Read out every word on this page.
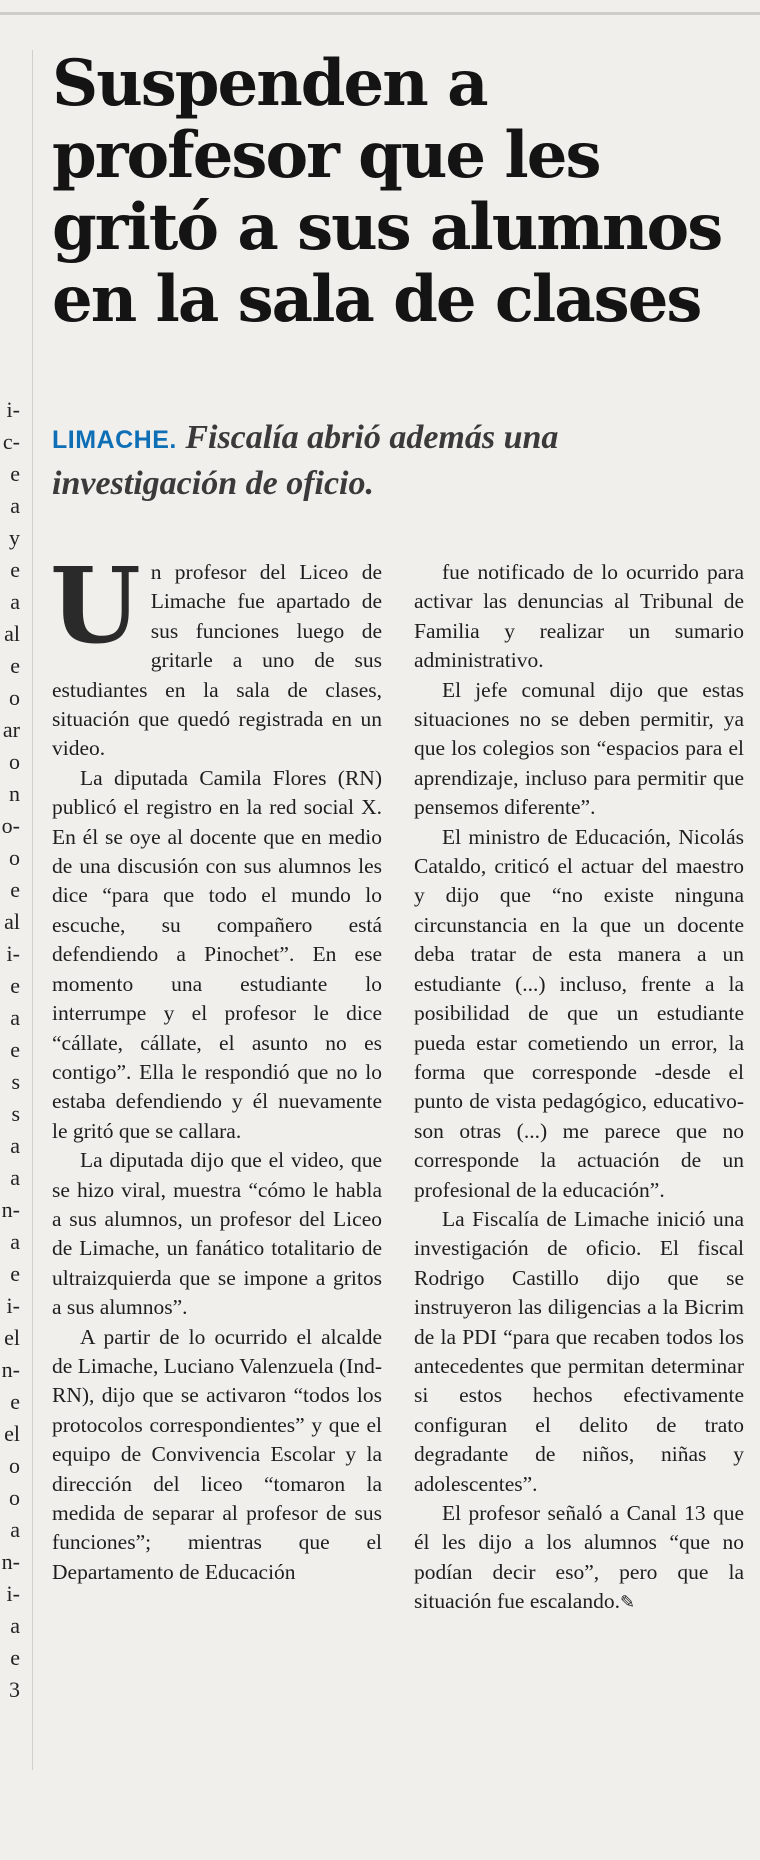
i-
c-
e
a
y
e
a
al
e
o
ar
o
n
o-
o
e
al
i-
e
a
e
s
s
a
a
n-
a
e
i-
el
n-
e
el
o
o
a
n-
i-
a
e
3
Suspenden a profesor que les gritó a sus alumnos en la sala de clases
LIMACHE. Fiscalía abrió además una investigación de oficio.

Un profesor del Liceo de Limache fue apartado de sus funciones luego de gritarle a uno de sus estudiantes en la sala de clases, situación que quedó registrada en un video.

La diputada Camila Flores (RN) publicó el registro en la red social X. En él se oye al docente que en medio de una discusión con sus alumnos les dice “para que todo el mundo lo escuche, su compañero está defendiendo a Pinochet”. En ese momento una estudiante lo interrumpe y el profesor le dice “cállate, cállate, el asunto no es contigo”. Ella le respondió que no lo estaba defendiendo y él nuevamente le gritó que se callara.

La diputada dijo que el video, que se hizo viral, muestra “cómo le habla a sus alumnos, un profesor del Liceo de Limache, un fanático totalitario de ultraizquierda que se impone a gritos a sus alumnos”.

A partir de lo ocurrido el alcalde de Limache, Luciano Valenzuela (Ind-RN), dijo que se activaron “todos los protocolos correspondientes” y que el equipo de Convivencia Escolar y la dirección del liceo “tomaron la medida de separar al profesor de sus funciones”; mientras que el Departamento de Educación

fue notificado de lo ocurrido para activar las denuncias al Tribunal de Familia y realizar un sumario administrativo.

El jefe comunal dijo que estas situaciones no se deben permitir, ya que los colegios son “espacios para el aprendizaje, incluso para permitir que pensemos diferente”.

El ministro de Educación, Nicolás Cataldo, criticó el actuar del maestro y dijo que “no existe ninguna circunstancia en la que un docente deba tratar de esta manera a un estudiante (...) incluso, frente a la posibilidad de que un estudiante pueda estar cometiendo un error, la forma que corresponde -desde el punto de vista pedagógico, educativo- son otras (...) me parece que no corresponde la actuación de un profesional de la educación”.

La Fiscalía de Limache inició una investigación de oficio. El fiscal Rodrigo Castillo dijo que se instruyeron las diligencias a la Bicrim de la PDI “para que recaben todos los antecedentes que permitan determinar si estos hechos efectivamente configuran el delito de trato degradante de niños, niñas y adolescentes”.

El profesor señaló a Canal 13 que él les dijo a los alumnos “que no podían decir eso”, pero que la situación fue escalando.✎
